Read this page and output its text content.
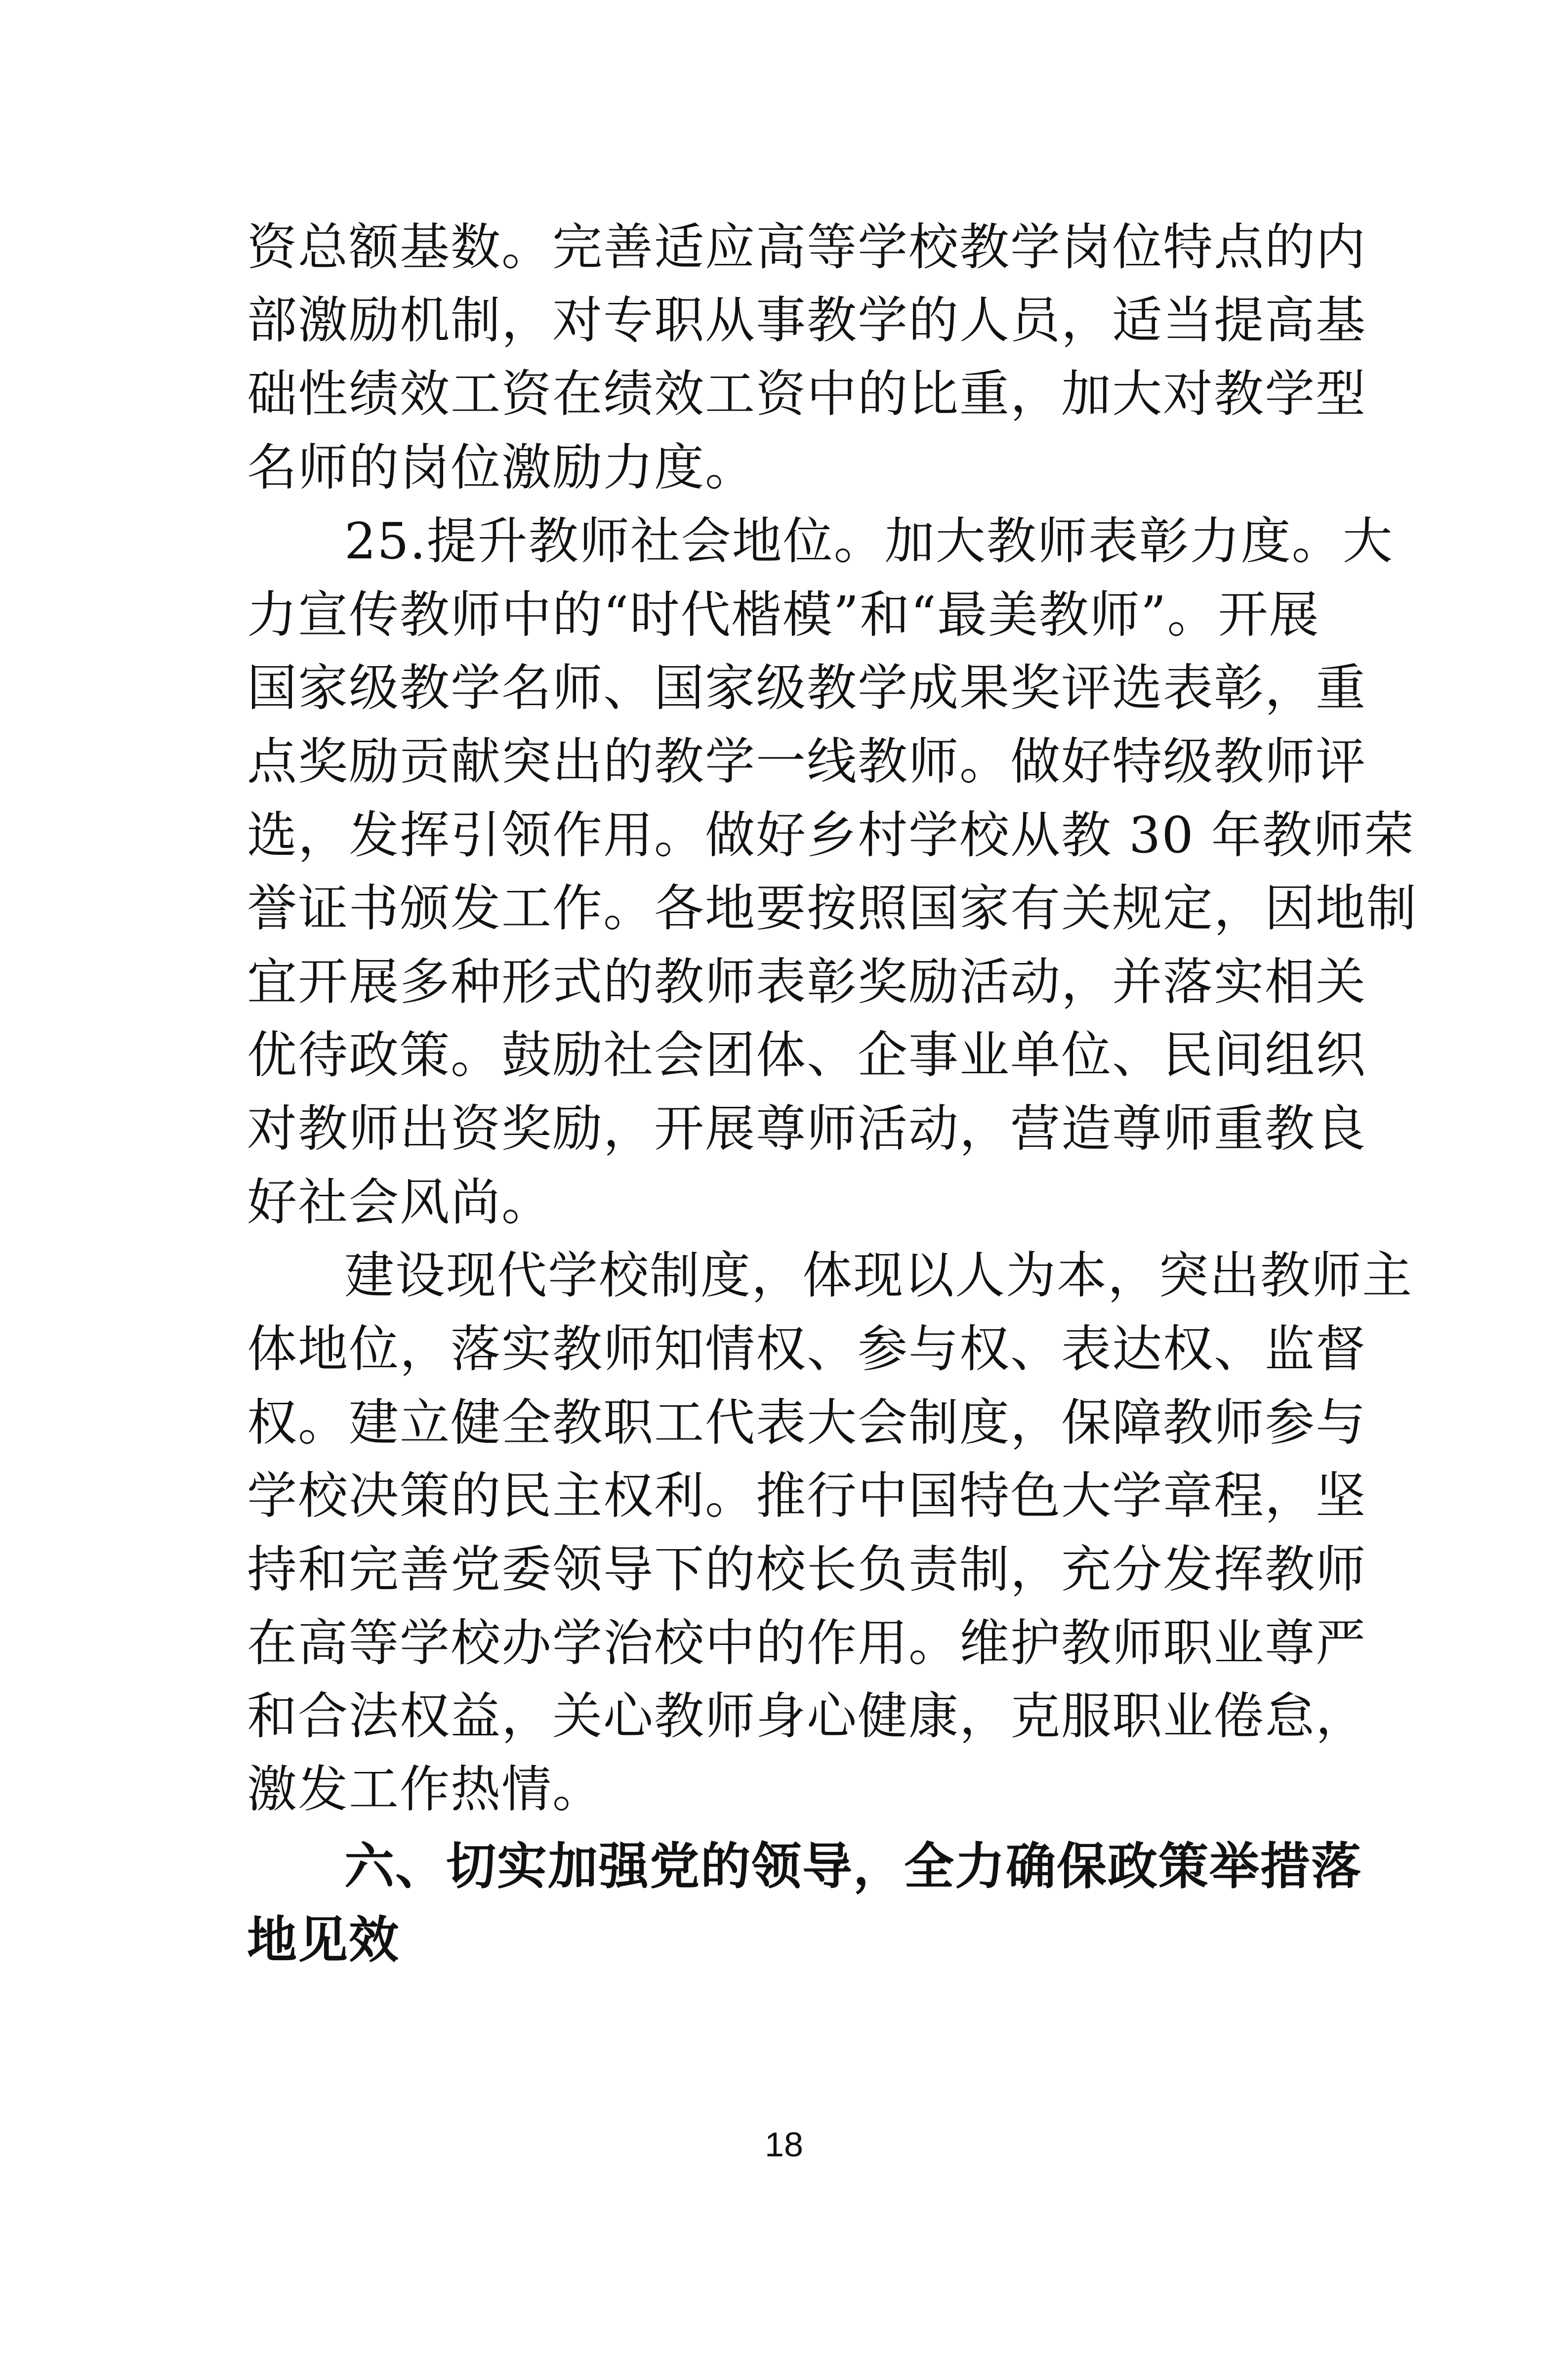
资总额基数。完善适应高等学校教学岗位特点的内
部激励机制，对专职从事教学的人员，适当提高基
础性绩效工资在绩效工资中的比重，加大对教学型
名师的岗位激励力度。
25.提升教师社会地位。加大教师表彰力度。大
力宣传教师中的“时代楷模”和“最美教师”。开展
国家级教学名师、国家级教学成果奖评选表彰，重
点奖励贡献突出的教学一线教师。做好特级教师评
选，发挥引领作用。做好乡村学校从教 30 年教师荣
誉证书颁发工作。各地要按照国家有关规定，因地制
宜开展多种形式的教师表彰奖励活动，并落实相关
优待政策。鼓励社会团体、企事业单位、民间组织
对教师出资奖励，开展尊师活动，营造尊师重教良
好社会风尚。
建设现代学校制度，体现以人为本，突出教师主
体地位，落实教师知情权、参与权、表达权、监督
权。建立健全教职工代表大会制度，保障教师参与
学校决策的民主权利。推行中国特色大学章程，坚
持和完善党委领导下的校长负责制，充分发挥教师
在高等学校办学治校中的作用。维护教师职业尊严
和合法权益，关心教师身心健康，克服职业倦怠，
激发工作热情。
六、切实加强党的领导，全力确保政策举措落
地见效
18
